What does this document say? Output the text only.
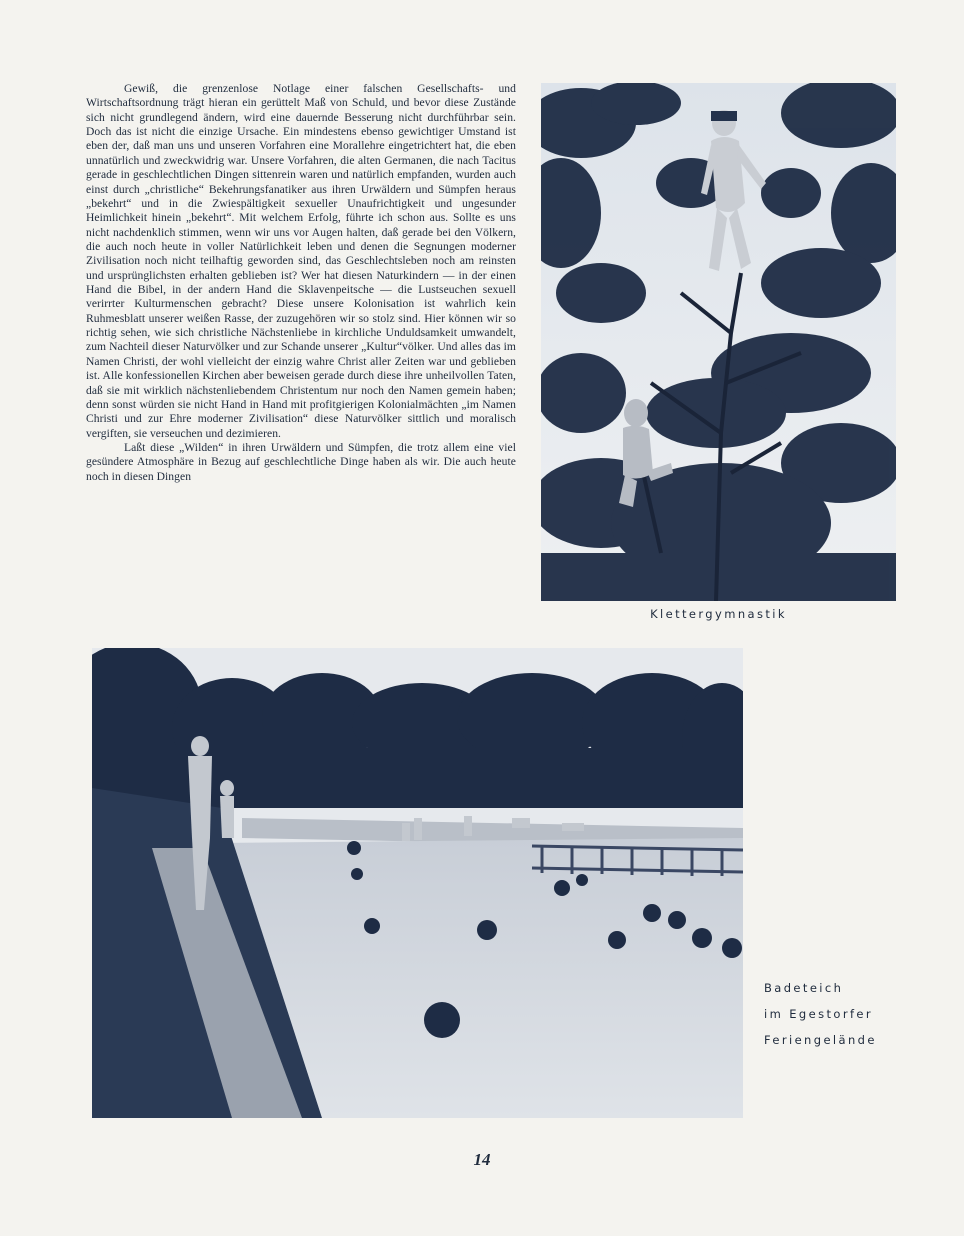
Gewiß, die grenzenlose Notlage einer falschen Gesellschafts- und Wirtschaftsordnung trägt hieran ein gerüttelt Maß von Schuld, und bevor diese Zustände sich nicht grundlegend ändern, wird eine dauernde Besserung nicht durchführbar sein. Doch das ist nicht die einzige Ursache. Ein mindestens ebenso gewichtiger Umstand ist eben der, daß man uns und unseren Vorfahren eine Morallehre eingetrichtert hat, die eben unnatürlich und zweckwidrig war. Unsere Vorfahren, die alten Germanen, die nach Tacitus gerade in geschlechtlichen Dingen sittenrein waren und natürlich empfanden, wurden auch einst durch „christliche“ Bekehrungsfanatiker aus ihren Urwäldern und Sümpfen heraus „bekehrt“ und in die Zwiespältigkeit sexueller Unaufrichtigkeit und ungesunder Heimlichkeit hinein „bekehrt“. Mit welchem Erfolg, führte ich schon aus. Sollte es uns nicht nachdenklich stimmen, wenn wir uns vor Augen halten, daß gerade bei den Völkern, die auch noch heute in voller Natürlichkeit leben und denen die Segnungen moderner Zivilisation noch nicht teilhaftig geworden sind, das Geschlechtsleben noch am reinsten und ursprünglichsten erhalten geblieben ist? Wer hat diesen Naturkindern — in der einen Hand die Bibel, in der andern Hand die Sklavenpeitsche — die Lustseuchen sexuell verirrter Kulturmenschen gebracht? Diese unsere Kolonisation ist wahrlich kein Ruhmesblatt unserer weißen Rasse, der zuzugehören wir so stolz sind. Hier können wir so richtig sehen, wie sich christliche Nächstenliebe in kirchliche Unduldsamkeit umwandelt, zum Nachteil dieser Naturvölker und zur Schande unserer „Kultur“völker. Und alles das im Namen Christi, der wohl vielleicht der einzig wahre Christ aller Zeiten war und geblieben ist. Alle konfessionellen Kirchen aber beweisen gerade durch diese ihre unheilvollen Taten, daß sie mit wirklich nächstenliebendem Christentum nur noch den Namen gemein haben; denn sonst würden sie nicht Hand in Hand mit profitgierigen Kolonialmächten „im Namen Christi und zur Ehre moderner Zivilisation“ diese Naturvölker sittlich und moralisch vergiften, sie verseuchen und dezimieren.

Laßt diese „Wilden“ in ihren Urwäldern und Sümpfen, die trotz allem eine viel gesündere Atmosphäre in Bezug auf geschlechtliche Dinge haben als wir. Die auch heute noch in diesen Dingen

Klettergymnastik
Badeteich
im Egestorfer
Feriengelände
14
